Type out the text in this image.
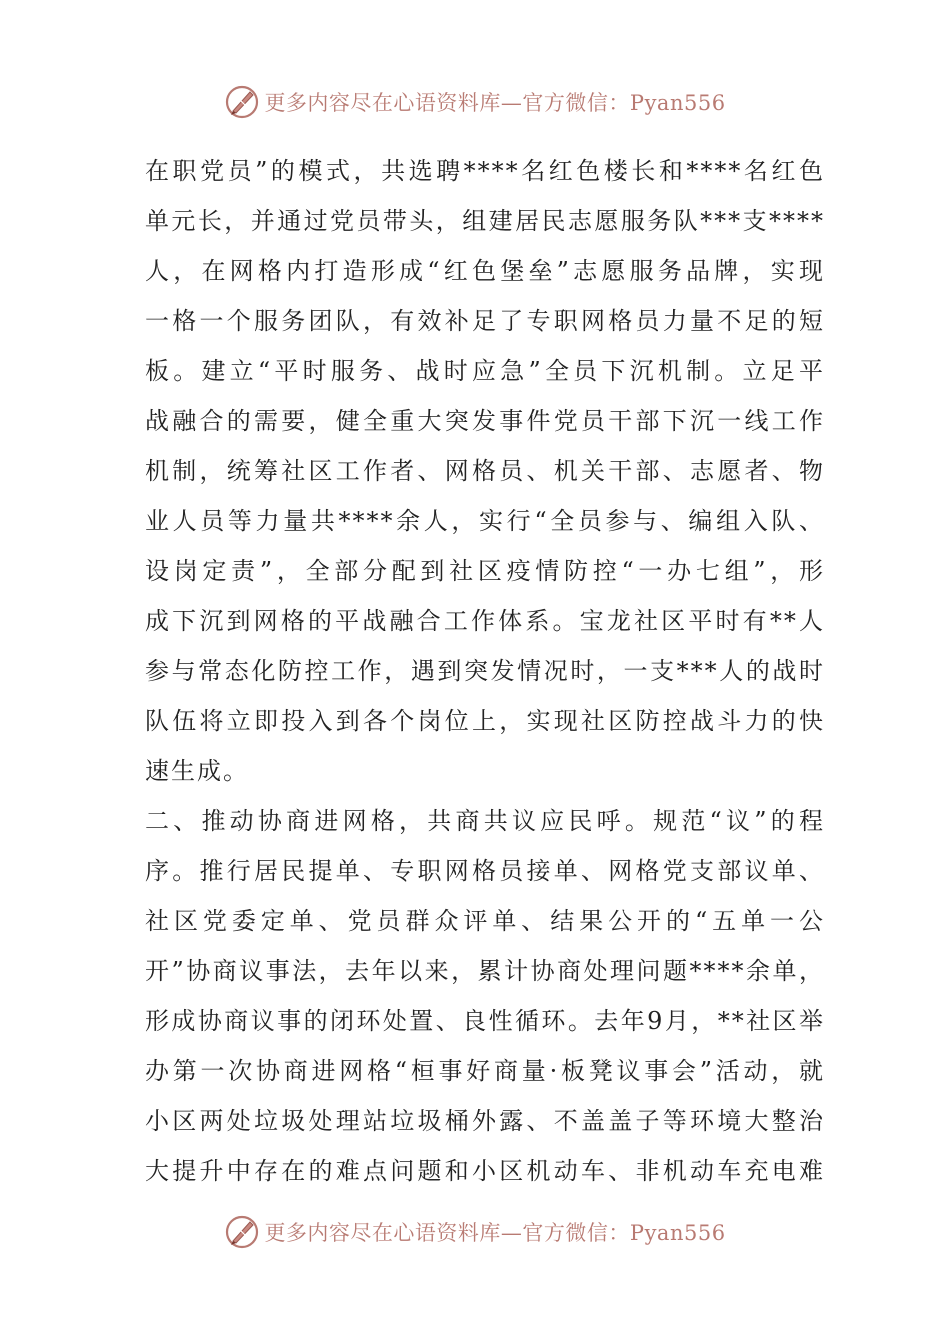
更多内容尽在心语资料库—官方微信：Pyan556
在职党员”的模式，共选聘****名红色楼长和****名红色
单元长，并通过党员带头，组建居民志愿服务队***支****
人，在网格内打造形成“红色堡垒”志愿服务品牌，实现
一格一个服务团队，有效补足了专职网格员力量不足的短
板。建立“平时服务、战时应急”全员下沉机制。立足平
战融合的需要，健全重大突发事件党员干部下沉一线工作
机制，统筹社区工作者、网格员、机关干部、志愿者、物
业人员等力量共****余人，实行“全员参与、编组入队、
设岗定责”，全部分配到社区疫情防控“一办七组”，形
成下沉到网格的平战融合工作体系。宝龙社区平时有**人
参与常态化防控工作，遇到突发情况时，一支***人的战时
队伍将立即投入到各个岗位上，实现社区防控战斗力的快
速生成。
二、推动协商进网格，共商共议应民呼。规范“议”的程
序。推行居民提单、专职网格员接单、网格党支部议单、
社区党委定单、党员群众评单、结果公开的“五单一公
开”协商议事法，去年以来，累计协商处理问题****余单，
形成协商议事的闭环处置、良性循环。去年9月，**社区举
办第一次协商进网格“桓事好商量·板凳议事会”活动，就
小区两处垃圾处理站垃圾桶外露、不盖盖子等环境大整治
大提升中存在的难点问题和小区机动车、非机动车充电难
更多内容尽在心语资料库—官方微信：Pyan556
